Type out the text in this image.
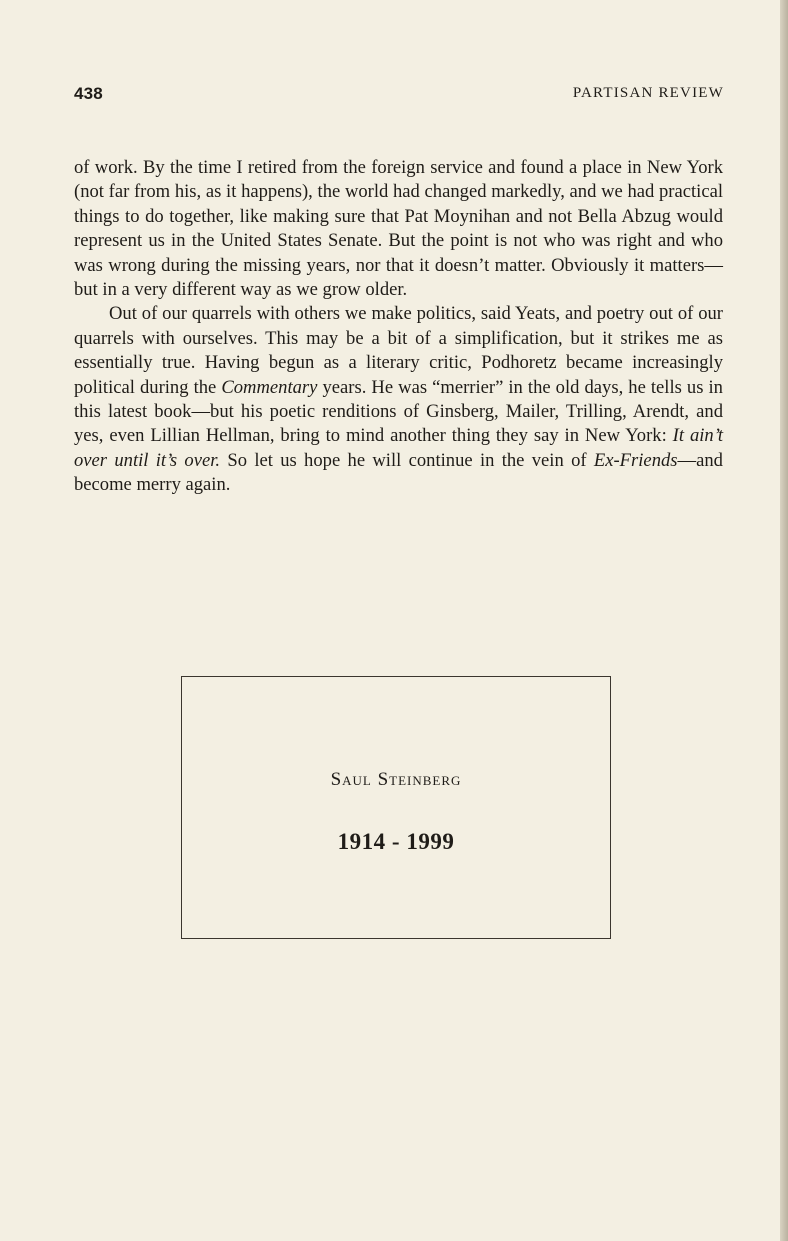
438	PARTISAN REVIEW

of work. By the time I retired from the foreign service and found a place in New York (not far from his, as it happens), the world had changed markedly, and we had practical things to do together, like making sure that Pat Moynihan and not Bella Abzug would represent us in the United States Senate. But the point is not who was right and who was wrong during the missing years, nor that it doesn’t matter. Obviously it matters—but in a very different way as we grow older.

Out of our quarrels with others we make politics, said Yeats, and poetry out of our quarrels with ourselves. This may be a bit of a simplification, but it strikes me as essentially true. Having begun as a literary critic, Podhoretz became increasingly political during the Commentary years. He was “merrier” in the old days, he tells us in this latest book—but his poetic renditions of Ginsberg, Mailer, Trilling, Arendt, and yes, even Lillian Hellman, bring to mind another thing they say in New York: It ain’t over until it’s over. So let us hope he will continue in the vein of Ex-Friends—and become merry again.

Saul Steinberg
1914 - 1999
